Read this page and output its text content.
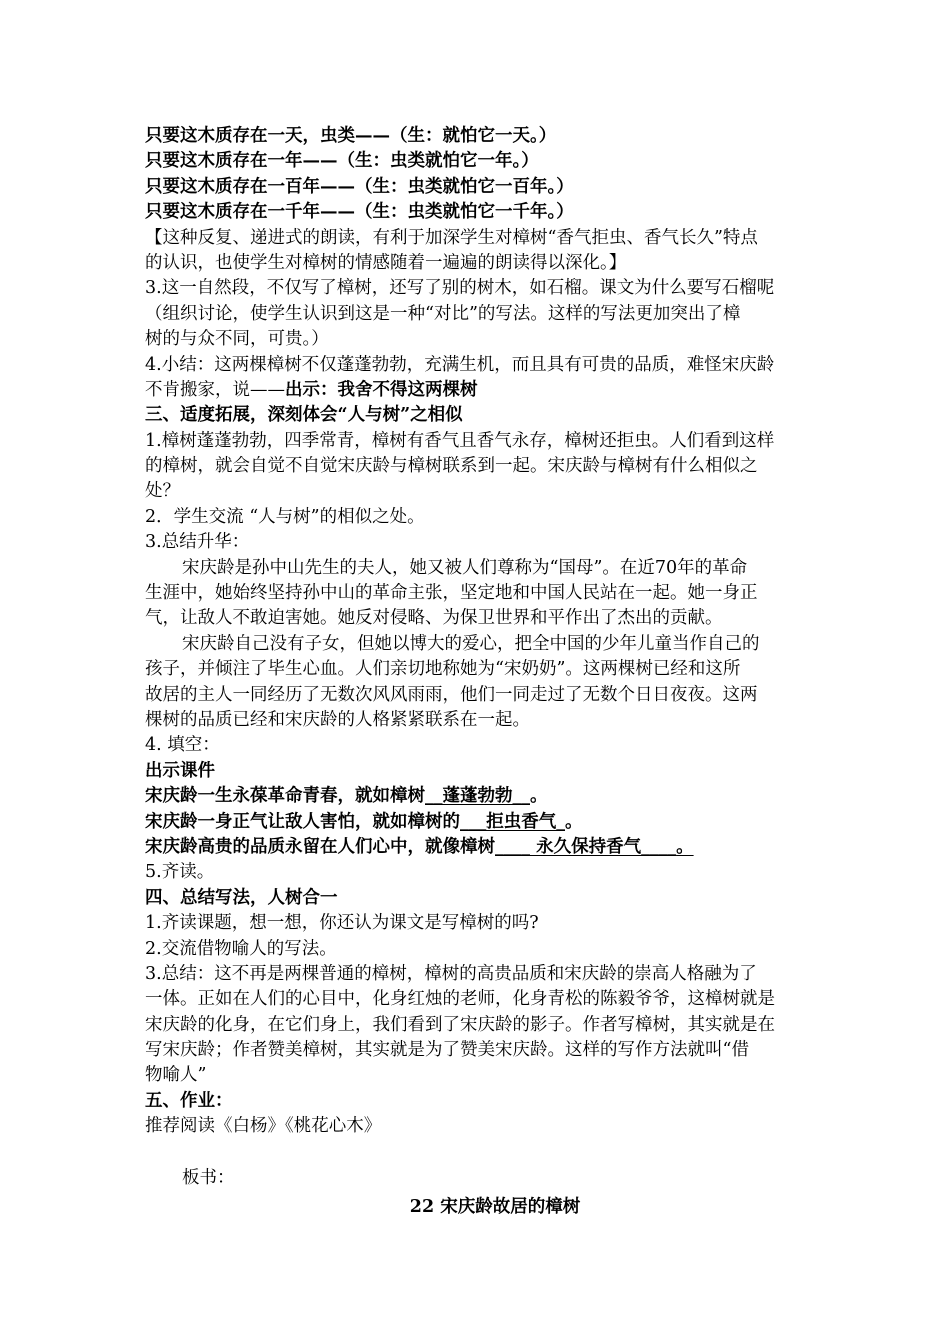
只要这木质存在一天，虫类——（生：就怕它一天。）
只要这木质存在一年——（生：虫类就怕它一年。）
只要这木质存在一百年——（生：虫类就怕它一百年。）
只要这木质存在一千年——（生：虫类就怕它一千年。）
【这种反复、递进式的朗读，有利于加深学生对樟树“香气拒虫、香气长久”特点
的认识，也使学生对樟树的情感随着一遍遍的朗读得以深化。】
3.这一自然段，不仅写了樟树，还写了别的树木，如石榴。课文为什么要写石榴呢
（组织讨论，使学生认识到这是一种“对比”的写法。这样的写法更加突出了樟
树的与众不同，可贵。）
4.小结：这两棵樟树不仅蓬蓬勃勃，充满生机，而且具有可贵的品质，难怪宋庆龄
不肯搬家，说——出示：我舍不得这两棵树
三、适度拓展，深刻体会“人与树”之相似
1.樟树蓬蓬勃勃，四季常青，樟树有香气且香气永存，樟树还拒虫。人们看到这样
的樟树，就会自觉不自觉宋庆龄与樟树联系到一起。宋庆龄与樟树有什么相似之
处？
2．学生交流 “人与树”的相似之处。
3.总结升华：
宋庆龄是孙中山先生的夫人，她又被人们尊称为“国母”。在近70年的革命
生涯中，她始终坚持孙中山的革命主张，坚定地和中国人民站在一起。她一身正
气，让敌人不敢迫害她。她反对侵略、为保卫世界和平作出了杰出的贡献。
宋庆龄自己没有子女，但她以博大的爱心，把全中国的少年儿童当作自己的
孩子，并倾注了毕生心血。人们亲切地称她为“宋奶奶”。这两棵树已经和这所
故居的主人一同经历了无数次风风雨雨，他们一同走过了无数个日日夜夜。这两
棵树的品质已经和宋庆龄的人格紧紧联系在一起。
4. 填空：
出示课件
宋庆龄一生永葆革命青春，就如樟树__蓬蓬勃勃__。
宋庆龄一身正气让敌人害怕，就如樟树的___拒虫香气_。
宋庆龄高贵的品质永留在人们心中，就像樟树____ 永久保持香气____。
5.齐读。
四、总结写法，人树合一
1.齐读课题，想一想，你还认为课文是写樟树的吗?
2.交流借物喻人的写法。
3.总结：这不再是两棵普通的樟树，樟树的高贵品质和宋庆龄的崇高人格融为了
一体。正如在人们的心目中，化身红烛的老师，化身青松的陈毅爷爷，这樟树就是
宋庆龄的化身，在它们身上，我们看到了宋庆龄的影子。作者写樟树，其实就是在
写宋庆龄；作者赞美樟树，其实就是为了赞美宋庆龄。这样的写作方法就叫“借
物喻人”
五、作业：
推荐阅读《白杨》《桃花心木》
板书：
22 宋庆龄故居的樟树
